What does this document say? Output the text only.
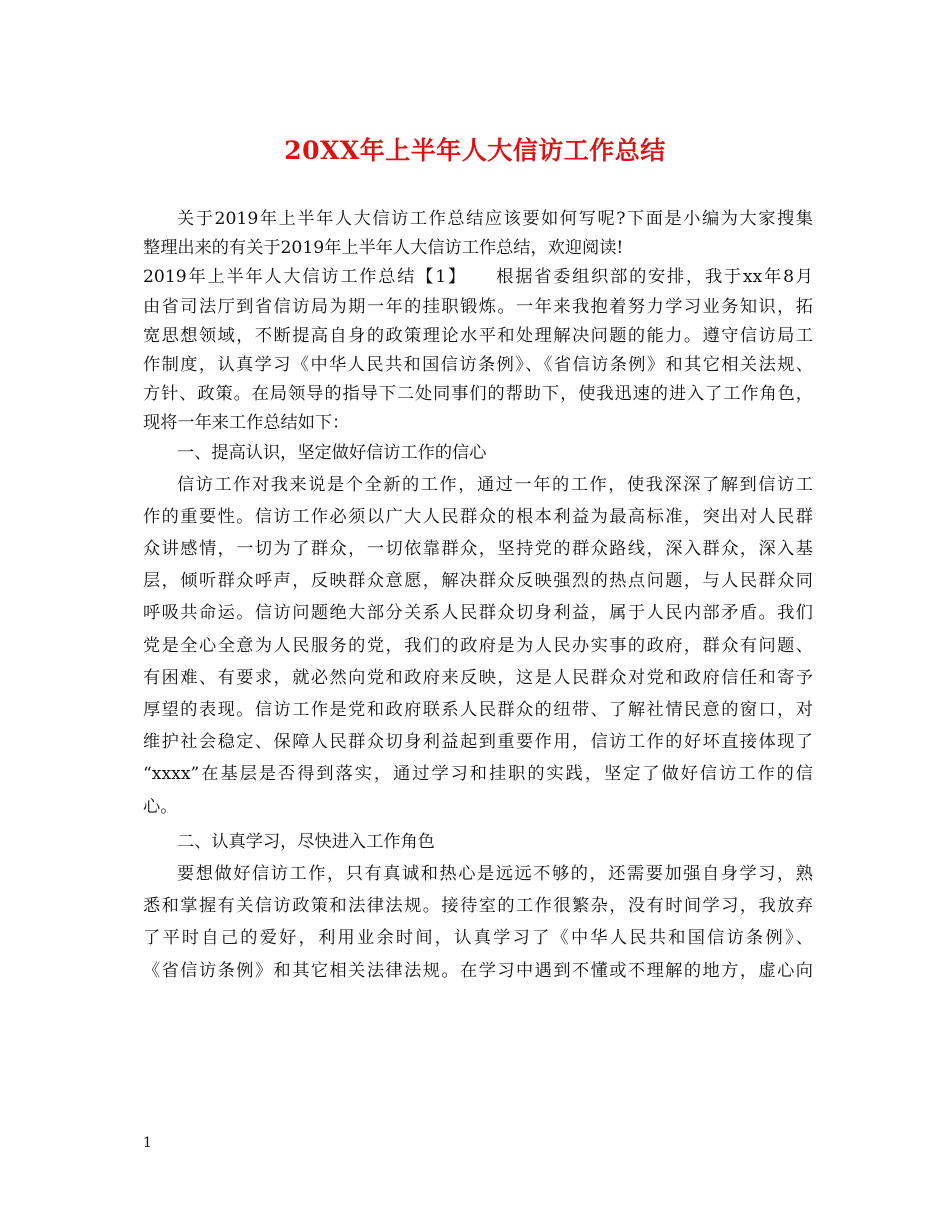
20XX年上半年人大信访工作总结
关于2019年上半年人大信访工作总结应该要如何写呢?下面是小编为大家搜集
整理出来的有关于2019年上半年人大信访工作总结，欢迎阅读!
2019年上半年人大信访工作总结【1】　　根据省委组织部的安排，我于xx年8月
由省司法厅到省信访局为期一年的挂职锻炼。一年来我抱着努力学习业务知识，拓
宽思想领域，不断提高自身的政策理论水平和处理解决问题的能力。遵守信访局工
作制度，认真学习《中华人民共和国信访条例》、《省信访条例》和其它相关法规、
方针、政策。在局领导的指导下二处同事们的帮助下，使我迅速的进入了工作角色，
现将一年来工作总结如下：
一、提高认识，坚定做好信访工作的信心
信访工作对我来说是个全新的工作，通过一年的工作，使我深深了解到信访工
作的重要性。信访工作必须以广大人民群众的根本利益为最高标准，突出对人民群
众讲感情，一切为了群众，一切依靠群众，坚持党的群众路线，深入群众，深入基
层，倾听群众呼声，反映群众意愿，解决群众反映强烈的热点问题，与人民群众同
呼吸共命运。信访问题绝大部分关系人民群众切身利益，属于人民内部矛盾。我们
党是全心全意为人民服务的党，我们的政府是为人民办实事的政府，群众有问题、
有困难、有要求，就必然向党和政府来反映，这是人民群众对党和政府信任和寄予
厚望的表现。信访工作是党和政府联系人民群众的纽带、了解社情民意的窗口，对
维护社会稳定、保障人民群众切身利益起到重要作用，信访工作的好坏直接体现了
“xxxx”在基层是否得到落实，通过学习和挂职的实践，坚定了做好信访工作的信
心。
二、认真学习，尽快进入工作角色
要想做好信访工作，只有真诚和热心是远远不够的，还需要加强自身学习，熟
悉和掌握有关信访政策和法律法规。接待室的工作很繁杂，没有时间学习，我放弃
了平时自己的爱好，利用业余时间，认真学习了《中华人民共和国信访条例》、
《省信访条例》和其它相关法律法规。在学习中遇到不懂或不理解的地方，虚心向
1
